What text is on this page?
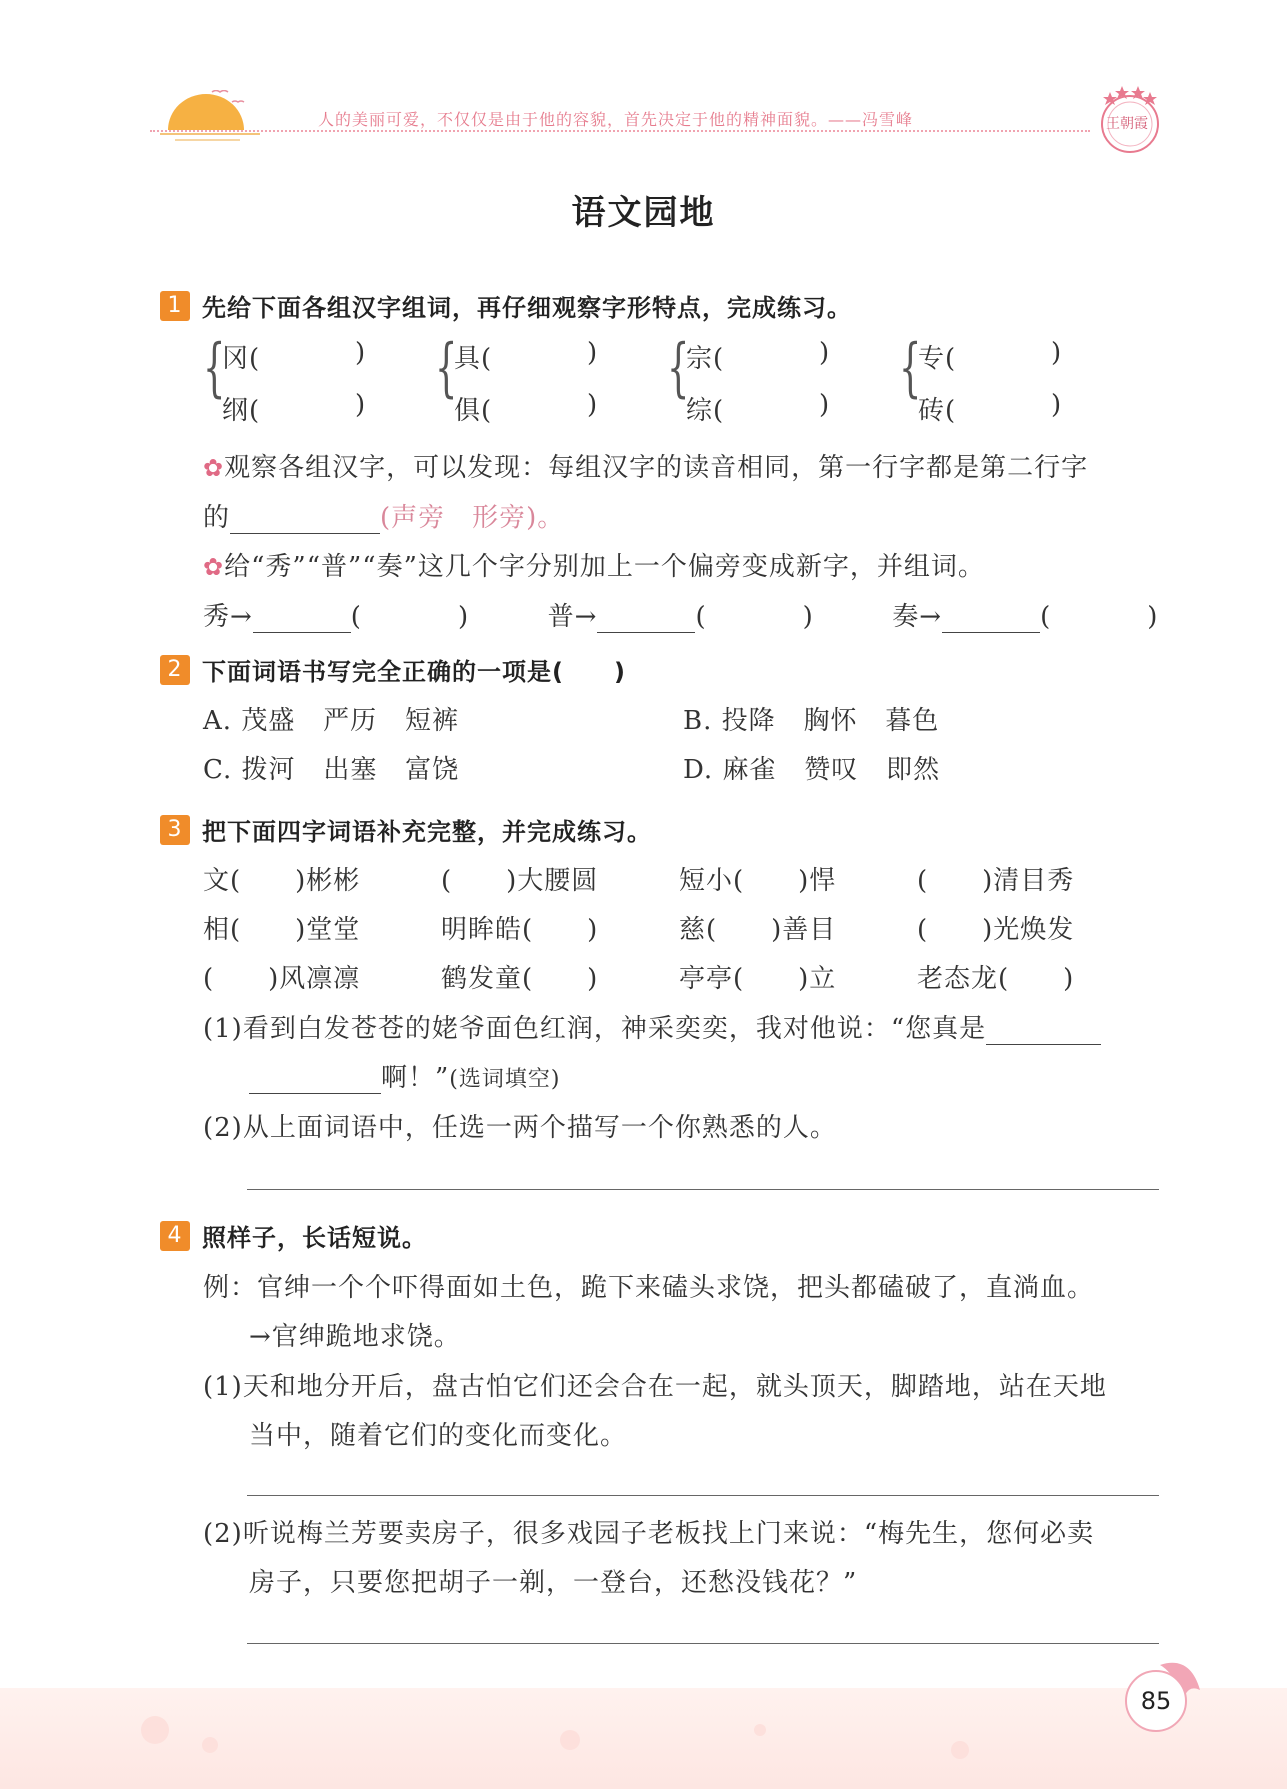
人的美丽可爱，不仅仅是由于他的容貌，首先决定于他的精神面貌。——冯雪峰	王朝霞
语文园地
1 先给下面各组汉字组词，再仔细观察字形特点，完成练习。
{
冈(	)
纲(	) {
具(	)
俱(	) {
宗(	)
综(	) {
专(	)
砖(	)
✿观察各组汉字，可以发现：每组汉字的读音相同，第一行字都是第二行字
的	(声旁　形旁)。
✿给“秀”“普”“奏”这几个字分别加上一个偏旁变成新字，并组词。
秀→	(	)	普→	(	)	奏→	(	)
2 下面词语书写完全正确的一项是(　　)
A. 茂盛 严历 短裤	B. 投降 胸怀 暮色
C. 拨河 出塞 富饶	D. 麻雀 赞叹 即然
3 把下面四字词语补充完整，并完成练习。
文(　　)彬彬	(　　)大腰圆	短小(　　)悍	(　　)清目秀
相(　　)堂堂	明眸皓(　　)	慈(　　)善目	(　　)光焕发
(　　)风凛凛	鹤发童(　　)	亭亭(　　)立	老态龙(　　)
(1)看到白发苍苍的姥爷面色红润，神采奕奕，我对他说：“您真是
啊！”(选词填空)
(2)从上面词语中，任选一两个描写一个你熟悉的人。
4 照样子，长话短说。
例：官绅一个个吓得面如土色，跪下来磕头求饶，把头都磕破了，直淌血。
→官绅跪地求饶。
(1)天和地分开后，盘古怕它们还会合在一起，就头顶天，脚踏地，站在天地
当中，随着它们的变化而变化。
(2)听说梅兰芳要卖房子，很多戏园子老板找上门来说：“梅先生，您何必卖
房子，只要您把胡子一剃，一登台，还愁没钱花？”
85
